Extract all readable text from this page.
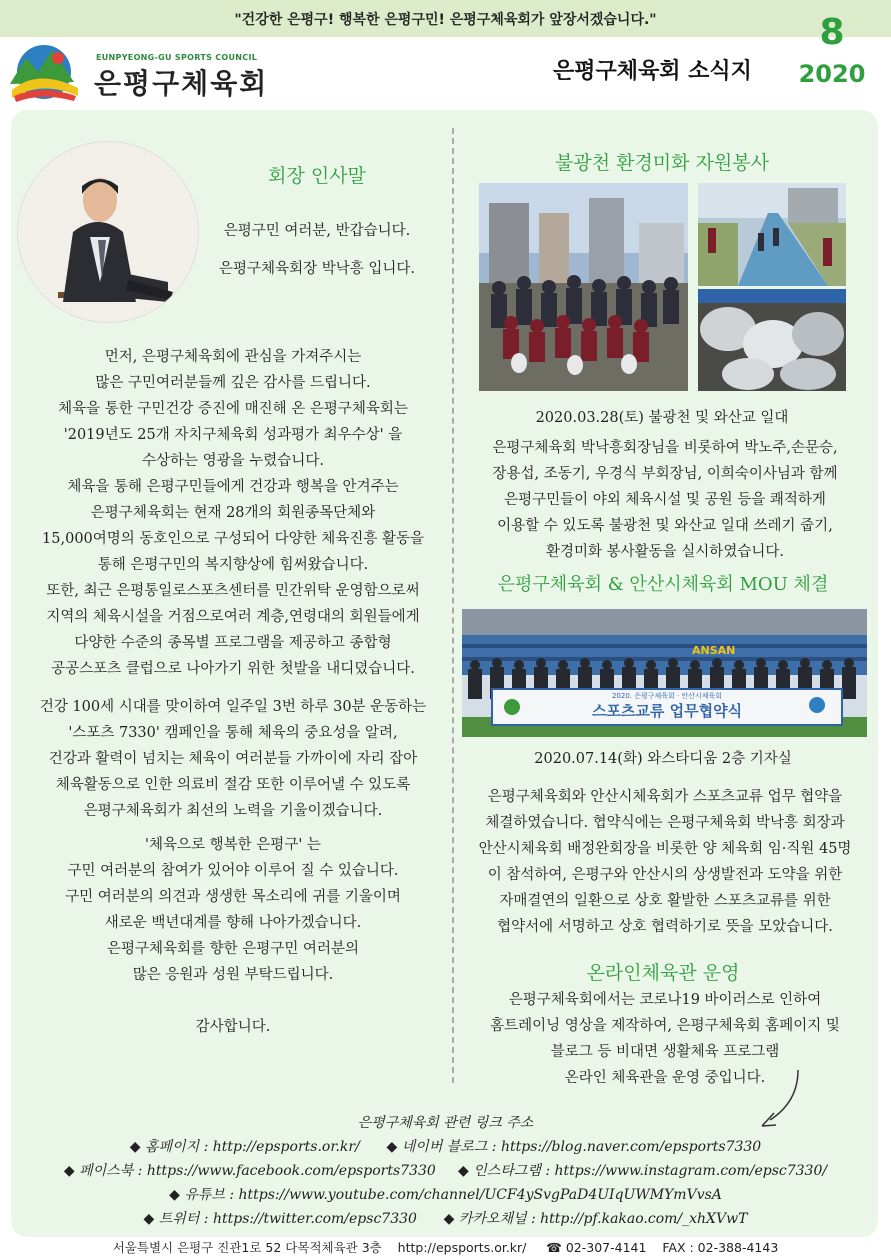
"건강한 은평구! 행복한 은평구민! 은평구체육회가 앞장서겠습니다."
EUNPYEONG-GU SPORTS COUNCIL
은평구체육회	은평구체육회 소식지
8
2020
회장 인사말
은평구민 여러분, 반갑습니다.
은평구체육회장 박낙흥 입니다.
먼저, 은평구체육회에 관심을 가져주시는
많은 구민여러분들께 깊은 감사를 드립니다.
체육을 통한 구민건강 증진에 매진해 온 은평구체육회는
'2019년도 25개 자치구체육회 성과평가 최우수상' 을
수상하는 영광을 누렸습니다.
체육을 통해 은평구민들에게 건강과 행복을 안겨주는
은평구체육회는 현재 28개의 회원종목단체와
15,000여명의 동호인으로 구성되어 다양한 체육진흥 활동을
통해 은평구민의 복지향상에 힘써왔습니다.
또한, 최근 은평통일로스포츠센터를 민간위탁 운영함으로써
지역의 체육시설을 거점으로여러 계층,연령대의 회원들에게
다양한 수준의 종목별 프로그램을 제공하고 종합형
공공스포츠 클럽으로 나아가기 위한 첫발을 내디뎠습니다.
건강 100세 시대를 맞이하여 일주일 3번 하루 30분 운동하는
'스포츠 7330' 캠페인을 통해 체육의 중요성을 알려,
건강과 활력이 넘치는 체육이 여러분들 가까이에 자리 잡아
체육활동으로 인한 의료비 절감 또한 이루어낼 수 있도록
은평구체육회가 최선의 노력을 기울이겠습니다.
'체육으로 행복한 은평구' 는
구민 여러분의 참여가 있어야 이루어 질 수 있습니다.
구민 여러분의 의견과 생생한 목소리에 귀를 기울이며
새로운 백년대계를 향해 나아가겠습니다.
은평구체육회를 향한 은평구민 여러분의
많은 응원과 성원 부탁드립니다.
감사합니다.
불광천 환경미화 자원봉사
2020.03.28(토) 불광천 및 와산교 일대
은평구체육회 박낙흥회장님을 비롯하여 박노주,손문승,
장용섭, 조동기, 우경식 부회장님, 이희숙이사님과 함께
은평구민들이 야외 체육시설 및 공원 등을 쾌적하게
이용할 수 있도록 불광천 및 와산교 일대 쓰레기 줍기,
환경미화 봉사활동을 실시하였습니다.
은평구체육회 & 안산시체육회 MOU 체결
ANSAN
2020. 은평구체육회 · 안산시체육회
스포츠교류 업무협약식
2020.07.14(화) 와스타디움 2층 기자실
은평구체육회와 안산시체육회가 스포츠교류 업무 협약을
체결하였습니다. 협약식에는 은평구체육회 박낙흥 회장과
안산시체육회 배정완회장을 비롯한 양 체육회 임·직원 45명
이 참석하여, 은평구와 안산시의 상생발전과 도약을 위한
자매결연의 일환으로 상호 활발한 스포츠교류를 위한
협약서에 서명하고 상호 협력하기로 뜻을 모았습니다.
온라인체육관 운영
은평구체육회에서는 코로나19 바이러스로 인하여
홈트레이닝 영상을 제작하여, 은평구체육회 홈페이지 및
블로그 등 비대면 생활체육 프로그램
온라인 체육관을 운영 중입니다.
은평구체육회 관련 링크 주소
◆ 홈페이지 : http://epsports.or.kr/ ◆ 네이버 블로그 : https://blog.naver.com/epsports7330
◆ 페이스북 : https://www.facebook.com/epsports7330 ◆ 인스타그램 : https://www.instagram.com/epsc7330/
◆ 유튜브 : https://www.youtube.com/channel/UCF4ySvgPaD4UIqUWMYmVvsA
◆ 트위터 : https://twitter.com/epsc7330 ◆ 카카오채널 : http://pf.kakao.com/_xhXVwT
서울특별시 은평구 진관1로 52 다목적체육관 3층 http://epsports.or.kr/ ☎ 02-307-4141 FAX : 02-388-4143
